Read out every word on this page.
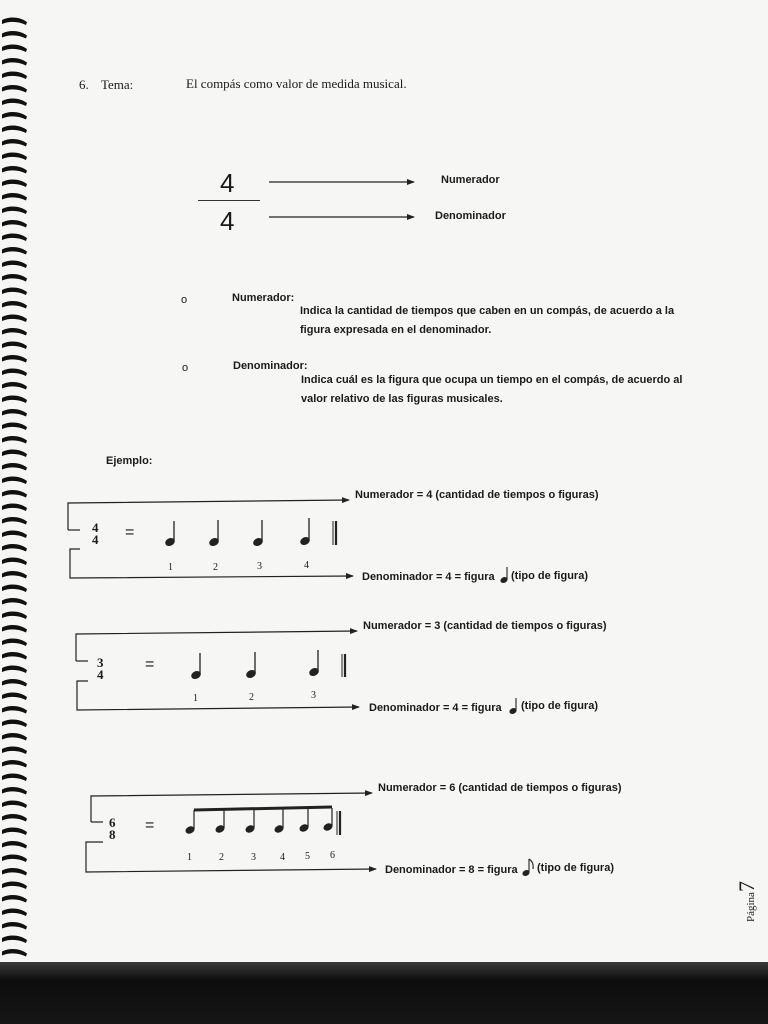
6. Tema:	El compás como valor de medida musical.
4
4
Numerador
Denominador
o	Numerador:
Indica la cantidad de tiempos que caben en un compás, de acuerdo a la
figura expresada en el denominador.
o	Denominador:
Indica cuál es la figura que ocupa un tiempo en el compás, de acuerdo al
valor relativo de las figuras musicales.
Ejemplo:
Numerador = 4 (cantidad de tiempos o figuras)
4
4 =
1	2	3	4
Denominador = 4 = figura (tipo de figura)
Numerador = 3 (cantidad de tiempos o figuras)
3
4
=
1	2	3
Denominador = 4 = figura (tipo de figura)
Numerador = 6 (cantidad de tiempos o figuras)
6
8
=
1	2	3 4 5 6
Denominador = 8 = figura (tipo de figura)
Página7
